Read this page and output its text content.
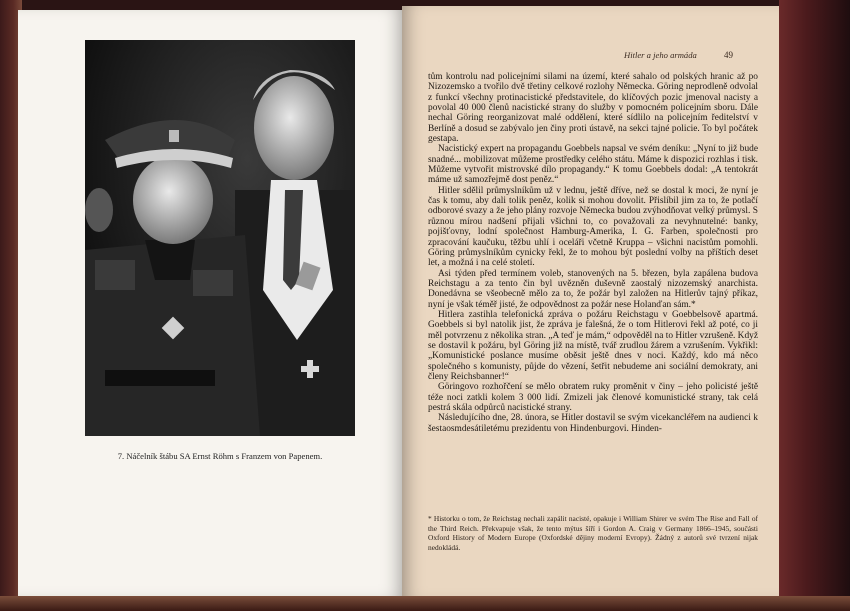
7. Náčelník štábu SA Ernst Röhm s Franzem von Papenem.
Hitler a jeho armáda	49

tům kontrolu nad policejními silami na území, které sahalo od polských hranic až po Nizozemsko a tvořilo dvě třetiny celkové rozlohy Německa. Göring neprodleně odvolal z funkcí všechny protinacistické představitele, do klíčových pozic jmenoval nacisty a povolal 40 000 členů nacistické strany do služby v pomocném policejním sboru. Dále nechal Göring reorganizovat malé oddělení, které sídlilo na policejním ředitelství v Berlíně a dosud se zabývalo jen činy proti ústavě, na sekci tajné policie. To byl počátek gestapa.

Nacistický expert na propagandu Goebbels napsal ve svém deníku: „Nyní to již bude snadné... mobilizovat můžeme prostředky celého státu. Máme k dispozici rozhlas i tisk. Můžeme vytvořit mistrovské dílo propagandy.“ K tomu Goebbels dodal: „A tentokrát máme už samozřejmě dost peněz.“

Hitler sdělil průmyslníkům už v lednu, ještě dříve, než se dostal k moci, že nyní je čas k tomu, aby dali tolik peněz, kolik si mohou dovolit. Přislíbil jim za to, že potlačí odborové svazy a že jeho plány rozvoje Německa budou zvýhodňovat velký průmysl. S různou mírou nadšení přijali všichni to, co považovali za nevyhnutelné: banky, pojišťovny, lodní společnost Hamburg-Amerika, I. G. Farben, společnosti pro zpracování kaučuku, těžbu uhlí i oceláři včetně Kruppa – všichni nacistům pomohli. Göring průmyslníkům cynicky řekl, že to mohou být poslední volby na příštích deset let, a možná i na celé století.

Asi týden před termínem voleb, stanovených na 5. březen, byla zapálena budova Reichstagu a za tento čin byl uvězněn duševně zaostalý nizozemský anarchista. Donedávna se všeobecně mělo za to, že požár byl založen na Hitlerův tajný příkaz, nyní je však téměř jisté, že odpovědnost za požár nese Holanďan sám.*

Hitlera zastihla telefonická zpráva o požáru Reichstagu v Goebbelsově apartmá. Goebbels si byl natolik jist, že zpráva je falešná, že o tom Hitlerovi řekl až poté, co ji měl potvrzenu z několika stran. „A teď je mám,“ odpověděl na to Hitler vzrušeně. Když se dostavil k požáru, byl Göring již na místě, tvář zrudlou žárem a vzrušením. Vykřikl: „Komunistické poslance musíme oběsit ještě dnes v noci. Každý, kdo má něco společného s komunisty, půjde do vězení, šetřit nebudeme ani sociální demokraty, ani členy Reichsbanner!“

Göringovo rozhořčení se mělo obratem ruky proměnit v činy – jeho policisté ještě téže noci zatkli kolem 3 000 lidí. Zmizeli jak členové komunistické strany, tak celá pestrá skála odpůrců nacistické strany.

Následujícího dne, 28. února, se Hitler dostavil se svým vicekancléřem na audienci k šestaosmdesátiletému prezidentu von Hindenburgovi. Hinden-

* Historku o tom, že Reichstag nechali zapálit nacisté, opakuje i William Shirer ve svém The Rise and Fall of the Third Reich. Překvapuje však, že tento mýtus šíří i Gordon A. Craig v Germany 1866–1945, součásti Oxford History of Modern Europe (Oxfordské dějiny moderní Evropy). Žádný z autorů své tvrzení nijak nedokládá.
